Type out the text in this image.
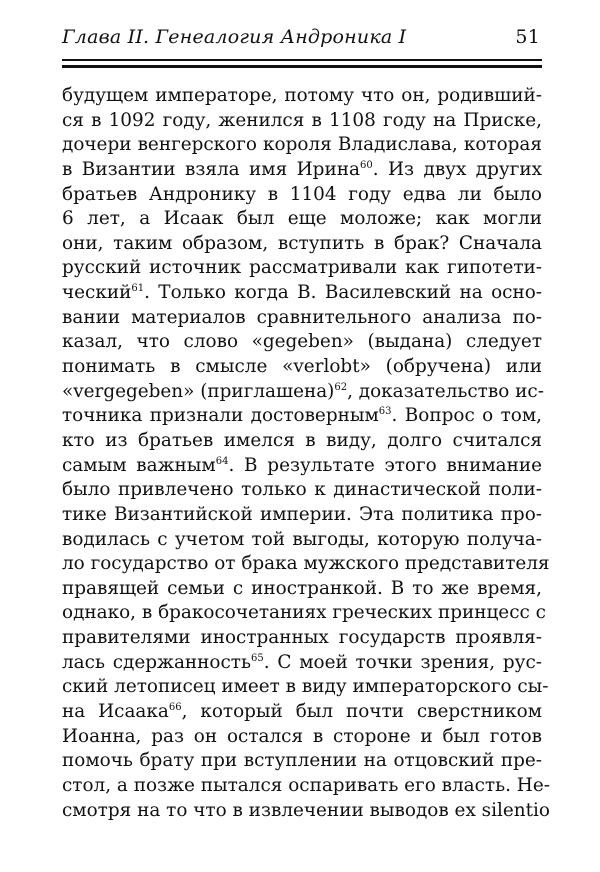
Глава II. Генеалогия Андроника I	51
будущем императоре, потому что он, родивший-
ся в 1092 году, женился в 1108 году на Приске,
дочери венгерского короля Владислава, которая
в Византии взяла имя Ирина$^{60}$. Из двух других
братьев Андронику в 1104 году едва ли было
6 лет, а Исаак был еще моложе; как могли
они, таким образом, вступить в брак? Сначала
русский источник рассматривали как гипотети-
ческий$^{61}$. Только когда В. Василевский на осно-
вании материалов сравнительного анализа по-
казал, что слово «gegeben» (выдана) следует
понимать в смысле «verlobt» (обручена) или
«vergegeben» (приглашена)$^{62}$, доказательство ис-
точника признали достоверным$^{63}$. Вопрос о том,
кто из братьев имелся в виду, долго считался
самым важным$^{64}$. В результате этого внимание
было привлечено только к династической поли-
тике Византийской империи. Эта политика про-
водилась с учетом той выгоды, которую получа-
ло государство от брака мужского представителя
правящей семьи с иностранкой. В то же время,
однако, в бракосочетаниях греческих принцесс с
правителями иностранных государств проявля-
лась сдержанность$^{65}$. С моей точки зрения, рус-
ский летописец имеет в виду императорского сы-
на Исаака$^{66}$, который был почти сверстником
Иоанна, раз он остался в стороне и был готов
помочь брату при вступлении на отцовский пре-
стол, а позже пытался оспаривать его власть. Не-
смотря на то что в извлечении выводов ex silentio
